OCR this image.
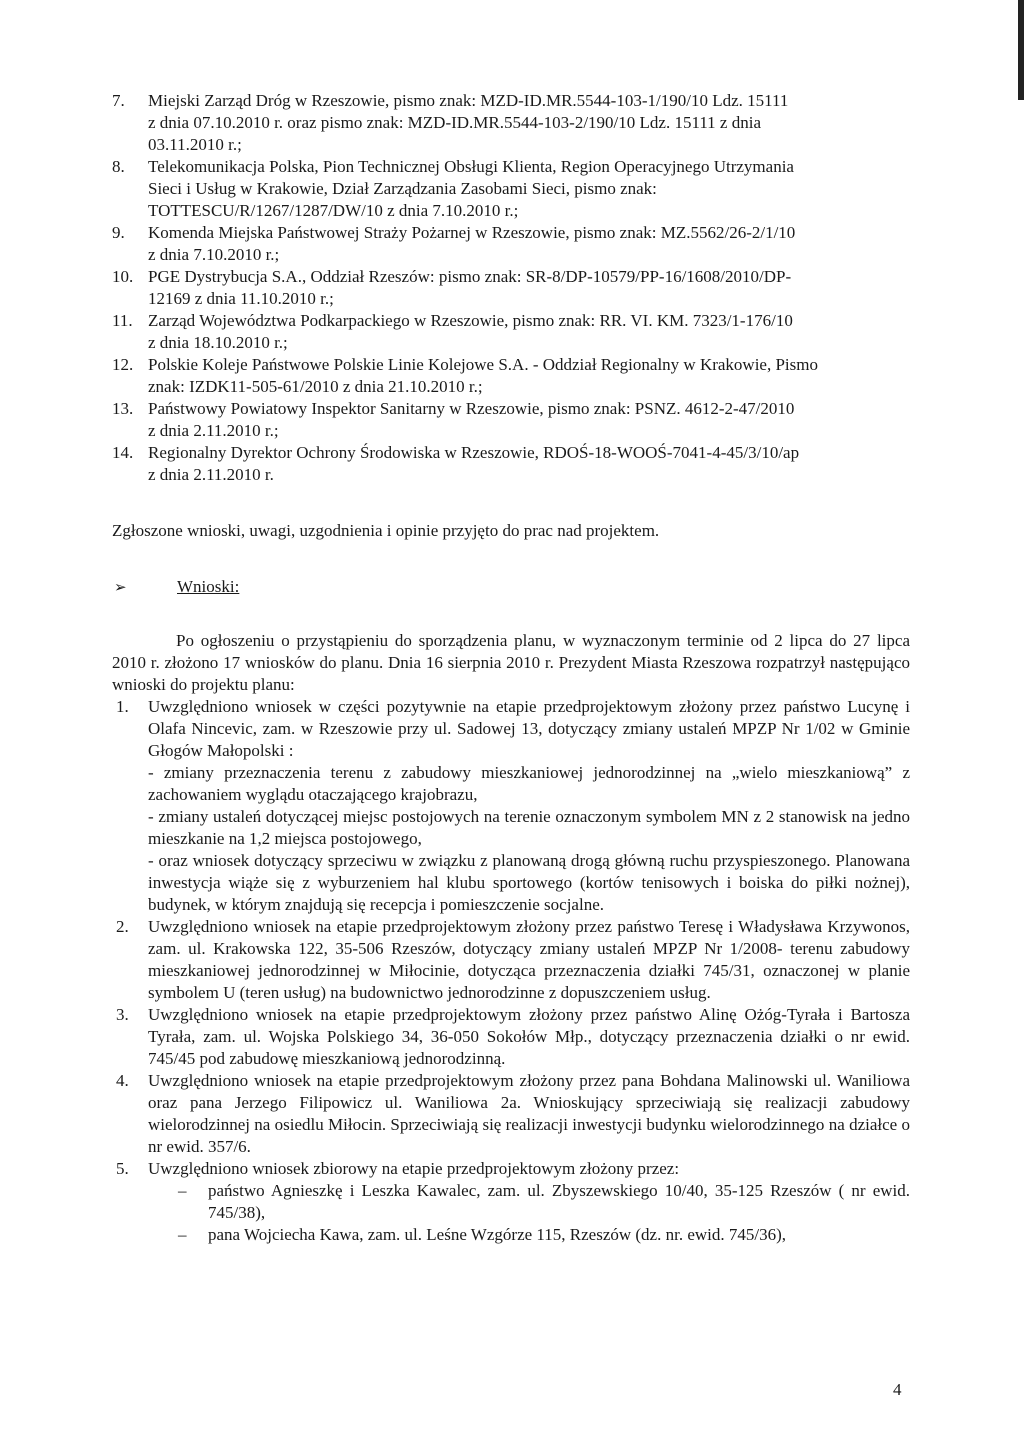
7. Miejski Zarząd Dróg w Rzeszowie, pismo znak: MZD-ID.MR.5544-103-1/190/10 Ldz. 15111
z dnia 07.10.2010 r. oraz pismo znak: MZD-ID.MR.5544-103-2/190/10 Ldz. 15111 z dnia
03.11.2010 r.;
8. Telekomunikacja Polska, Pion Technicznej Obsługi Klienta, Region Operacyjnego Utrzymania
Sieci i Usług w Krakowie, Dział Zarządzania Zasobami Sieci, pismo znak:
TOTTESCU/R/1267/1287/DW/10 z dnia 7.10.2010 r.;
9. Komenda Miejska Państwowej Straży Pożarnej w Rzeszowie, pismo znak: MZ.5562/26-2/1/10
z dnia 7.10.2010 r.;
10. PGE Dystrybucja S.A., Oddział Rzeszów: pismo znak: SR-8/DP-10579/PP-16/1608/2010/DP-
12169 z dnia 11.10.2010 r.;
11. Zarząd Województwa Podkarpackiego w Rzeszowie, pismo znak: RR. VI. KM. 7323/1-176/10
z dnia 18.10.2010 r.;
12. Polskie Koleje Państwowe Polskie Linie Kolejowe S.A. - Oddział Regionalny w Krakowie, Pismo
znak: IZDK11-505-61/2010 z dnia 21.10.2010 r.;
13. Państwowy Powiatowy Inspektor Sanitarny w Rzeszowie, pismo znak: PSNZ. 4612-2-47/2010
z dnia 2.11.2010 r.;
14. Regionalny Dyrektor Ochrony Środowiska w Rzeszowie, RDOŚ-18-WOOŚ-7041-4-45/3/10/ap
z dnia 2.11.2010 r.

Zgłoszone wnioski, uwagi, uzgodnienia i opinie przyjęto do prac nad projektem.

➢	Wnioski:

Po ogłoszeniu o przystąpieniu do sporządzenia planu, w wyznaczonym terminie od 2 lipca do 27 lipca 2010 r. złożono 17 wniosków do planu. Dnia 16 sierpnia 2010 r. Prezydent Miasta Rzeszowa rozpatrzył następująco wnioski do projektu planu:

1. Uwzględniono wniosek w części pozytywnie na etapie przedprojektowym złożony przez państwo Lucynę i Olafa Nincevic, zam. w Rzeszowie przy ul. Sadowej 13, dotyczący zmiany ustaleń MPZP Nr 1/02 w Gminie Głogów Małopolski :
- zmiany przeznaczenia terenu z zabudowy mieszkaniowej jednorodzinnej na „wielo mieszkaniową” z zachowaniem wyglądu otaczającego krajobrazu,
- zmiany ustaleń dotyczącej miejsc postojowych na terenie oznaczonym symbolem MN z 2 stanowisk na jedno mieszkanie na 1,2 miejsca postojowego,
- oraz wniosek dotyczący sprzeciwu w związku z planowaną drogą główną ruchu przyspieszonego. Planowana inwestycja wiąże się z wyburzeniem hal klubu sportowego (kortów tenisowych i boiska do piłki nożnej), budynek, w którym znajdują się recepcja i pomieszczenie socjalne.
2. Uwzględniono wniosek na etapie przedprojektowym złożony przez państwo Teresę i Władysława Krzywonos, zam. ul. Krakowska 122, 35-506 Rzeszów, dotyczący zmiany ustaleń MPZP Nr 1/2008- terenu zabudowy mieszkaniowej jednorodzinnej w Miłocinie, dotycząca przeznaczenia działki 745/31, oznaczonej w planie symbolem U (teren usług) na budownictwo jednorodzinne z dopuszczeniem usług.
3. Uwzględniono wniosek na etapie przedprojektowym złożony przez państwo Alinę Ożóg-Tyrała i Bartosza Tyrała, zam. ul. Wojska Polskiego 34, 36-050 Sokołów Młp., dotyczący przeznaczenia działki o nr ewid. 745/45 pod zabudowę mieszkaniową jednorodzinną.
4. Uwzględniono wniosek na etapie przedprojektowym złożony przez pana Bohdana Malinowski ul. Waniliowa oraz pana Jerzego Filipowicz ul. Waniliowa 2a. Wnioskujący sprzeciwiają się realizacji zabudowy wielorodzinnej na osiedlu Miłocin. Sprzeciwiają się realizacji inwestycji budynku wielorodzinnego na działce o nr ewid. 357/6.
5. Uwzględniono wniosek zbiorowy na etapie przedprojektowym złożony przez:
– państwo Agnieszkę i Leszka Kawalec, zam. ul. Zbyszewskiego 10/40, 35-125 Rzeszów ( nr ewid. 745/38),
– pana Wojciecha Kawa, zam. ul. Leśne Wzgórze 115, Rzeszów (dz. nr. ewid. 745/36),
4
